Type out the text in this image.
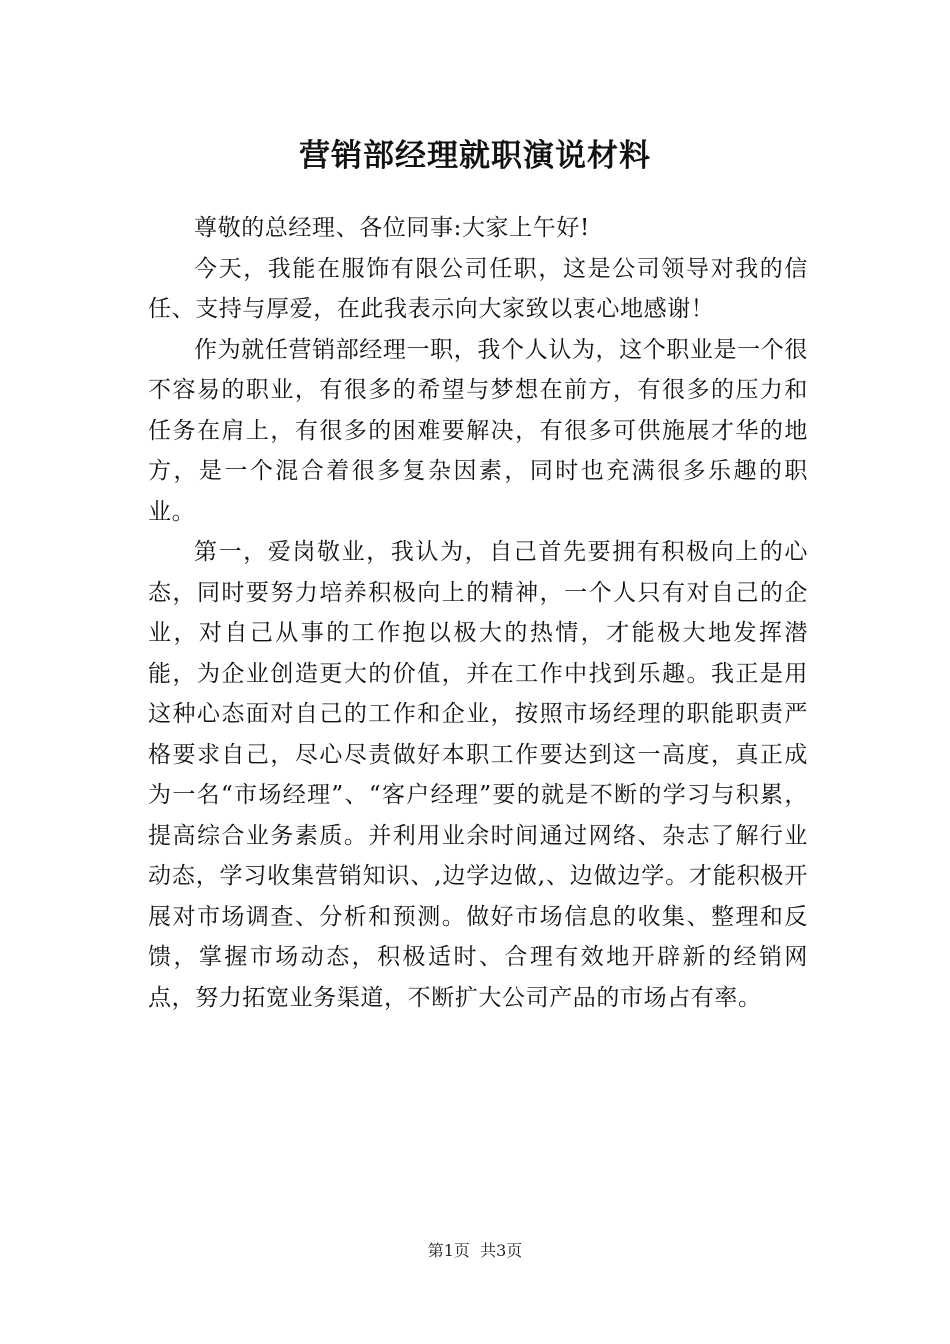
营销部经理就职演说材料

尊敬的总经理、各位同事:大家上午好!

今天，我能在服饰有限公司任职，这是公司领导对我的信任、支持与厚爱，在此我表示向大家致以衷心地感谢！

作为就任营销部经理一职，我个人认为，这个职业是一个很不容易的职业，有很多的希望与梦想在前方，有很多的压力和任务在肩上，有很多的困难要解决，有很多可供施展才华的地方，是一个混合着很多复杂因素，同时也充满很多乐趣的职业。

第一，爱岗敬业，我认为，自己首先要拥有积极向上的心态，同时要努力培养积极向上的精神，一个人只有对自己的企业，对自己从事的工作抱以极大的热情，才能极大地发挥潜能，为企业创造更大的价值，并在工作中找到乐趣。我正是用这种心态面对自己的工作和企业，按照市场经理的职能职责严格要求自己，尽心尽责做好本职工作要达到这一高度，真正成为一名“市场经理”、“客户经理”要的就是不断的学习与积累，提高综合业务素质。并利用业余时间通过网络、杂志了解行业动态，学习收集营销知识、,边学边做,、边做边学。才能积极开展对市场调查、分析和预测。做好市场信息的收集、整理和反馈，掌握市场动态，积极适时、合理有效地开辟新的经销网点，努力拓宽业务渠道，不断扩大公司产品的市场占有率。

第1页 共3页
